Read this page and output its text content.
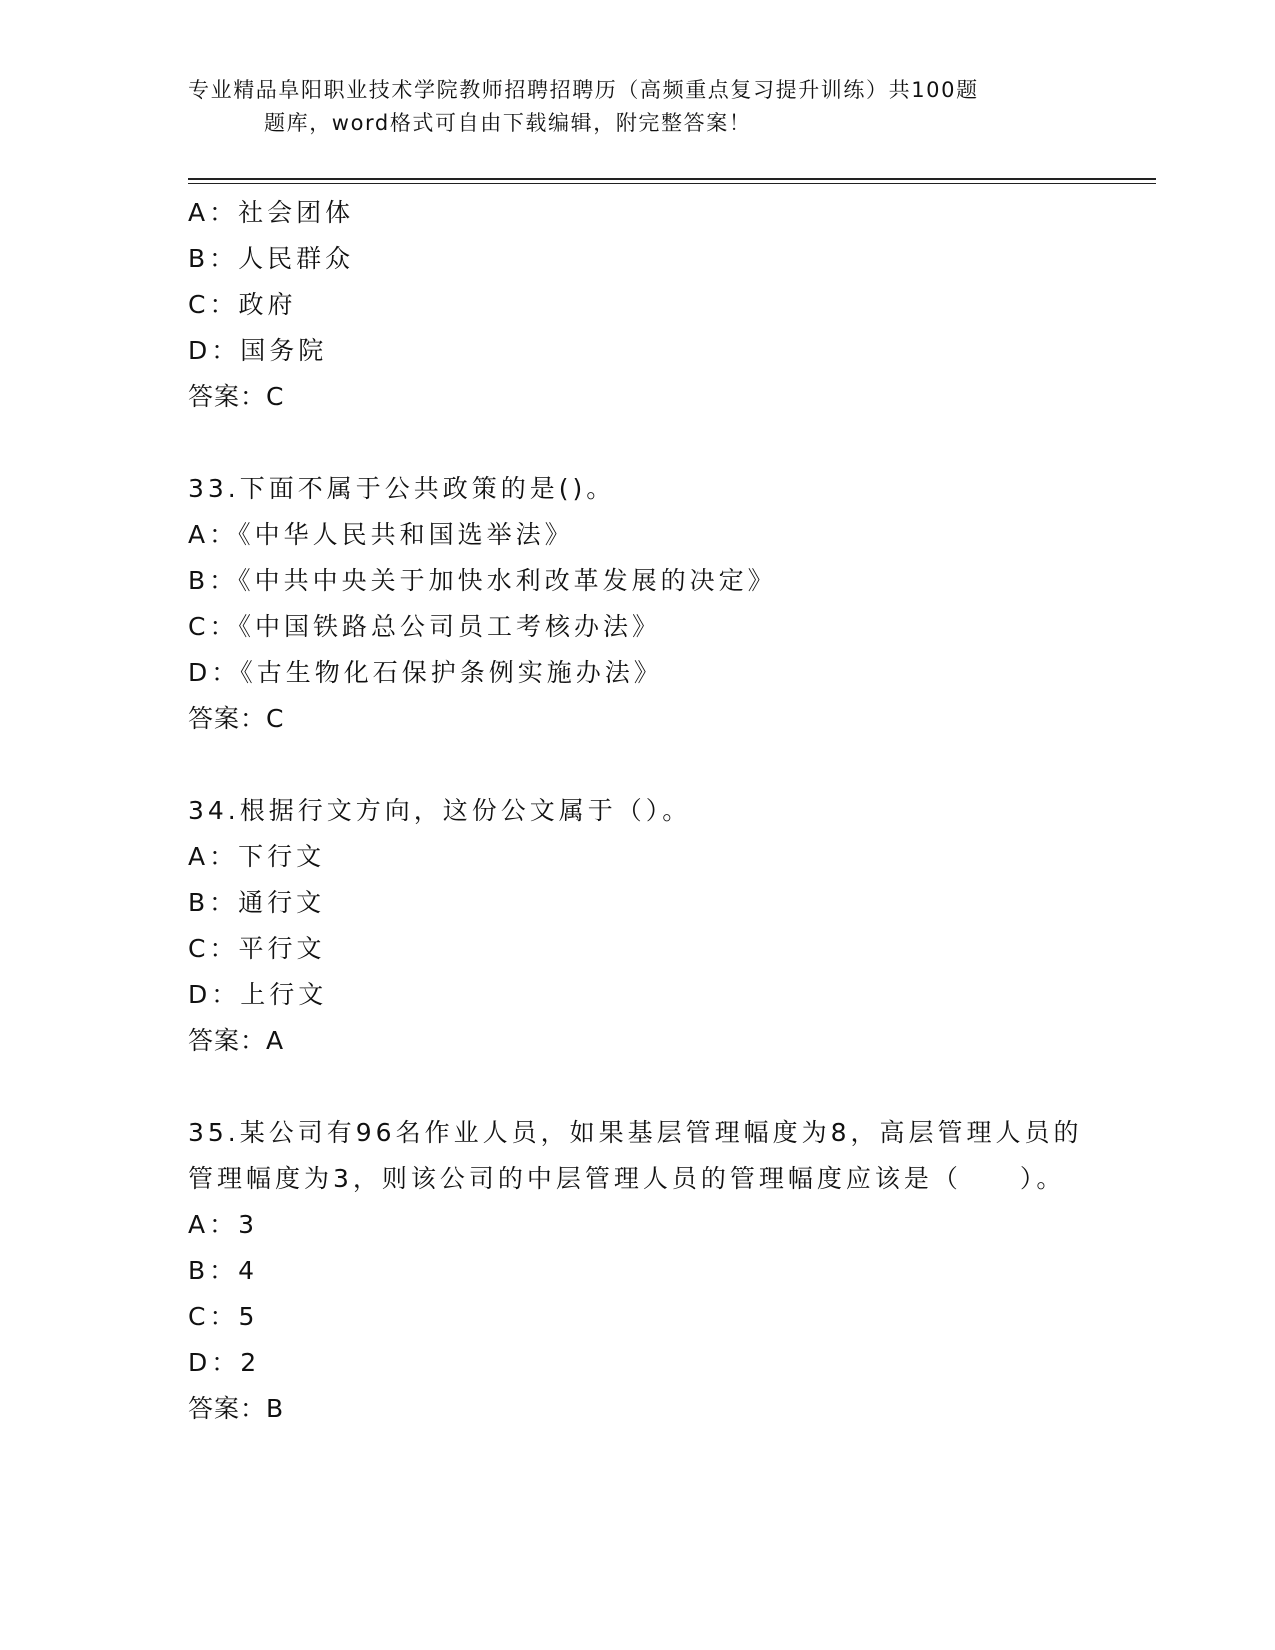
专业精品阜阳职业技术学院教师招聘招聘历（高频重点复习提升训练）共100题
题库，word格式可自由下载编辑，附完整答案！
A：社会团体
B：人民群众
C：政府
D：国务院
答案：C
33.下面不属于公共政策的是()。
A：《中华人民共和国选举法》
B：《中共中央关于加快水利改革发展的决定》
C：《中国铁路总公司员工考核办法》
D：《古生物化石保护条例实施办法》
答案：C
34.根据行文方向，这份公文属于（）。
A：下行文
B：通行文
C：平行文
D：上行文
答案：A
35.某公司有96名作业人员，如果基层管理幅度为8，高层管理人员的
管理幅度为3，则该公司的中层管理人员的管理幅度应该是（　　）。
A：3
B：4
C：5
D：2
答案：B
